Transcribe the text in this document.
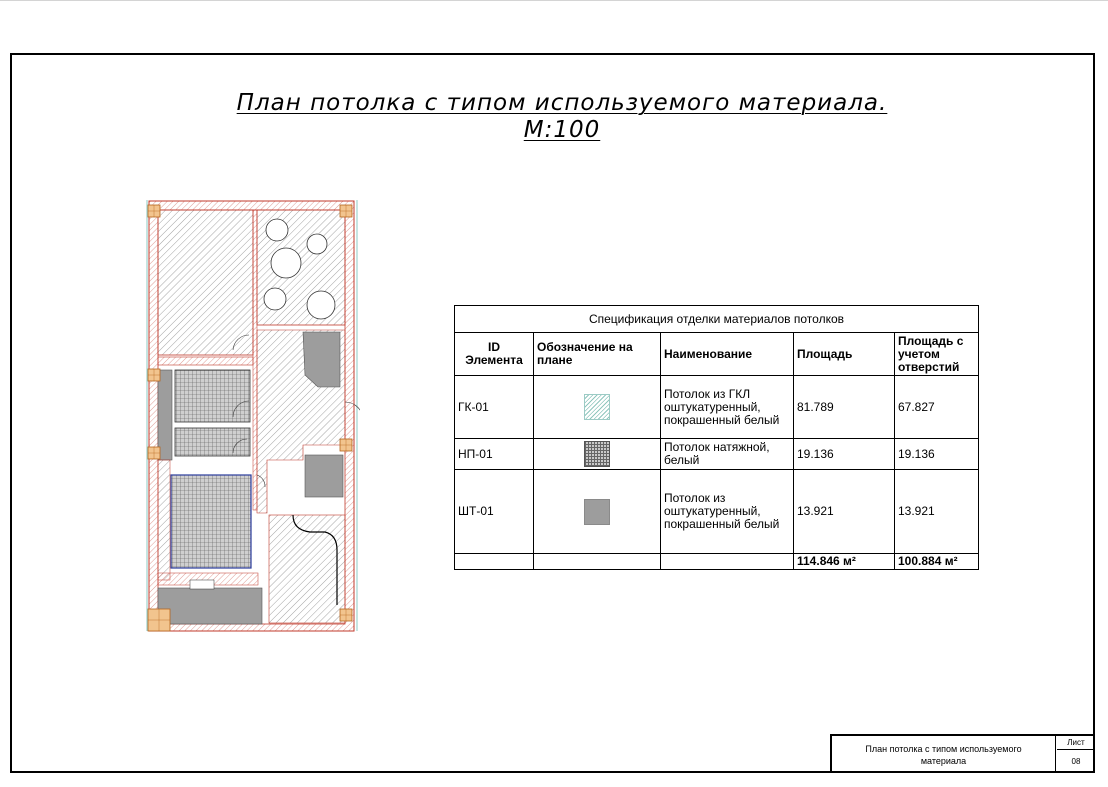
План потолка с типом используемого материала.
М:100
Спецификация отделки материалов потолков				
ID Элемента	Обозначение на плане	Наименование	Площадь	Площадь с учетом отверстий
ГК-01		Потолок из ГКЛ оштукатуренный, покрашенный белый	81.789	67.827
НП-01		Потолок натяжной, белый	19.136	19.136
ШТ-01		Потолок из оштукатуренный, покрашенный белый	13.921	13.921
			114.846 м²	100.884 м²
План потолка с типом используемого материала
Лист
08
